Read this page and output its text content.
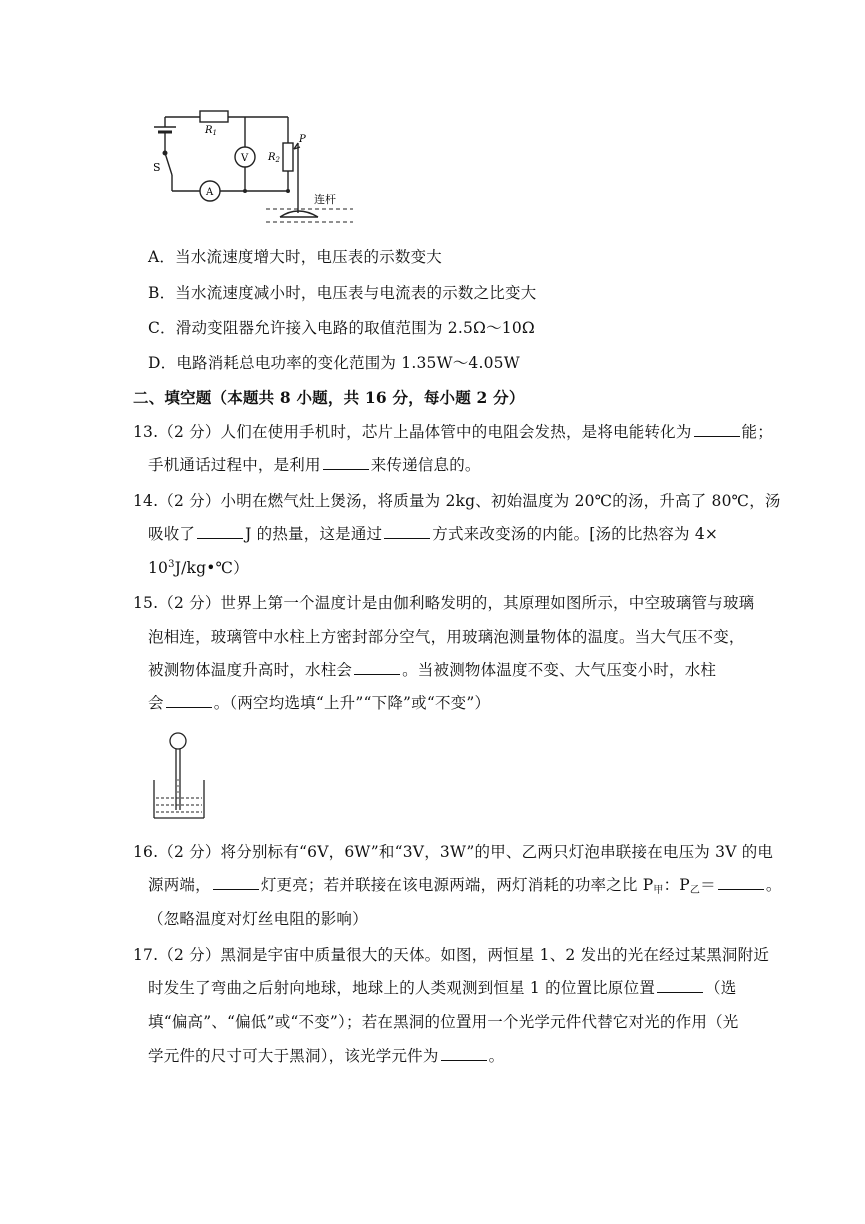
$R_1$
$R_2$
P
V
A
S
连杆
A．当水流速度增大时，电压表的示数变大
B．当水流速度减小时，电压表与电流表的示数之比变大
C．滑动变阻器允许接入电路的取值范围为 2.5Ω～10Ω
D．电路消耗总电功率的变化范围为 1.35W～4.05W
二、填空题（本题共 8 小题，共 16 分，每小题 2 分）
13.（2 分）人们在使用手机时，芯片上晶体管中的电阻会发热，是将电能转化为	能；
手机通话过程中，是利用	来传递信息的。
14.（2 分）小明在燃气灶上煲汤，将质量为 2kg、初始温度为 20℃的汤，升高了 80℃，汤
吸收了	J 的热量，这是通过	方式来改变汤的内能。[汤的比热容为 4×
$10^3J/kg•℃$）
15.（2 分）世界上第一个温度计是由伽利略发明的，其原理如图所示，中空玻璃管与玻璃
泡相连，玻璃管中水柱上方密封部分空气，用玻璃泡测量物体的温度。当大气压不变，
被测物体温度升高时，水柱会	。当被测物体温度不变、大气压变小时，水柱
会	。（两空均选填“上升”“下降”或“不变”）
16.（2 分）将分别标有“6V，6W”和“3V，3W”的甲、乙两只灯泡串联接在电压为 3V 的电
源两端，	灯更亮；若并联接在该电源两端，两灯消耗的功率之比 P甲：P乙＝	。
（忽略温度对灯丝电阻的影响）
17.（2 分）黑洞是宇宙中质量很大的天体。如图，两恒星 1、2 发出的光在经过某黑洞附近
时发生了弯曲之后射向地球，地球上的人类观测到恒星 1 的位置比原位置	（选
填“偏高”、“偏低”或“不变”）；若在黑洞的位置用一个光学元件代替它对光的作用（光
学元件的尺寸可大于黑洞），该光学元件为	。
